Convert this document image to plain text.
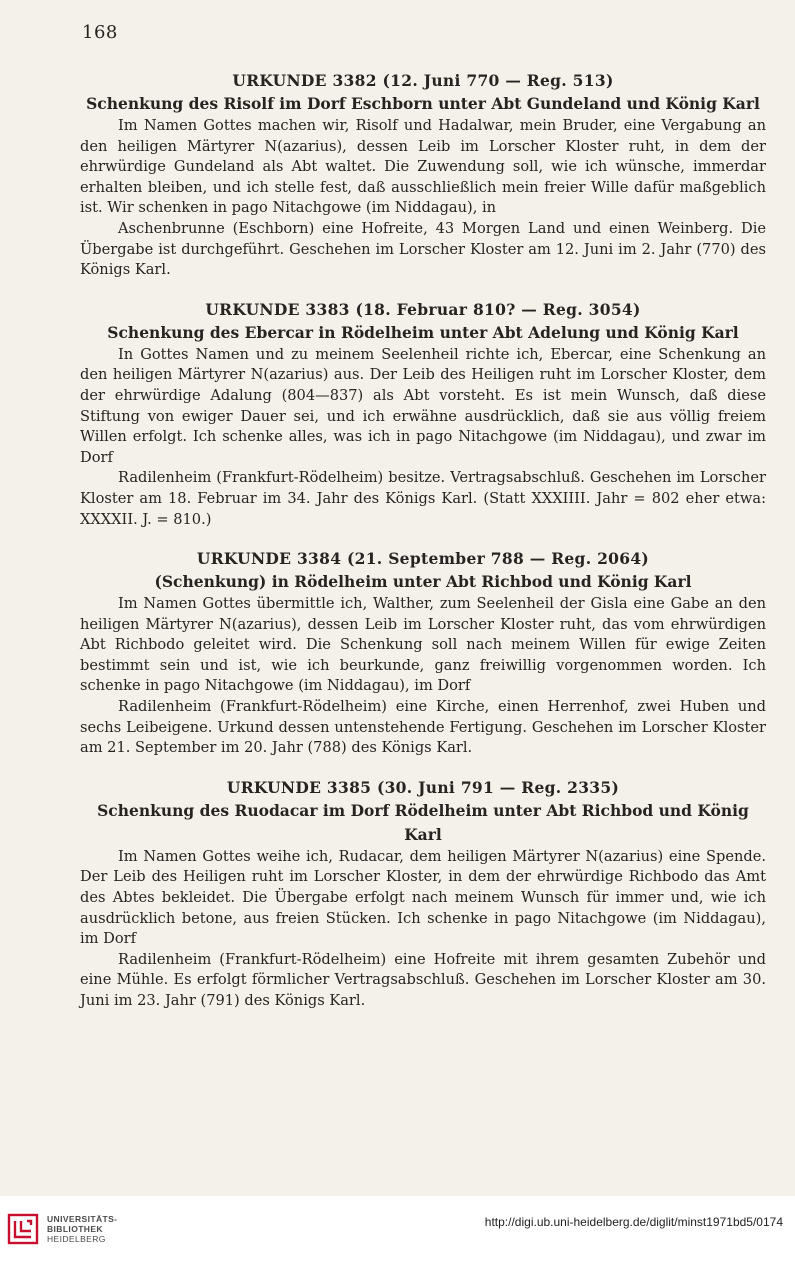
168
URKUNDE 3382 (12. Juni 770 — Reg. 513)
Schenkung des Risolf im Dorf Eschborn unter Abt Gundeland und König Karl

Im Namen Gottes machen wir, Risolf und Hadalwar, mein Bruder, eine Vergabung an den heiligen Märtyrer N(azarius), dessen Leib im Lorscher Kloster ruht, in dem der ehrwürdige Gundeland als Abt waltet. Die Zuwendung soll, wie ich wünsche, immerdar erhalten bleiben, und ich stelle fest, daß ausschließlich mein freier Wille dafür maßgeblich ist. Wir schenken in pago Nitachgowe (im Niddagau), in

Aschenbrunne (Eschborn) eine Hofreite, 43 Morgen Land und einen Weinberg. Die Übergabe ist durchgeführt. Geschehen im Lorscher Kloster am 12. Juni im 2. Jahr (770) des Königs Karl.

URKUNDE 3383 (18. Februar 810? — Reg. 3054)
Schenkung des Ebercar in Rödelheim unter Abt Adelung und König Karl

In Gottes Namen und zu meinem Seelenheil richte ich, Ebercar, eine Schenkung an den heiligen Märtyrer N(azarius) aus. Der Leib des Heiligen ruht im Lorscher Kloster, dem der ehrwürdige Adalung (804—837) als Abt vorsteht. Es ist mein Wunsch, daß diese Stiftung von ewiger Dauer sei, und ich erwähne ausdrücklich, daß sie aus völlig freiem Willen erfolgt. Ich schenke alles, was ich in pago Nitachgowe (im Niddagau), und zwar im Dorf

Radilenheim (Frankfurt-Rödelheim) besitze. Vertragsabschluß. Geschehen im Lorscher Kloster am 18. Februar im 34. Jahr des Königs Karl. (Statt XXXIIII. Jahr = 802 eher etwa: XXXXII. J. = 810.)

URKUNDE 3384 (21. September 788 — Reg. 2064)
(Schenkung) in Rödelheim unter Abt Richbod und König Karl

Im Namen Gottes übermittle ich, Walther, zum Seelenheil der Gisla eine Gabe an den heiligen Märtyrer N(azarius), dessen Leib im Lorscher Kloster ruht, das vom ehrwürdigen Abt Richbodo geleitet wird. Die Schenkung soll nach meinem Willen für ewige Zeiten bestimmt sein und ist, wie ich beurkunde, ganz freiwillig vorgenommen worden. Ich schenke in pago Nitachgowe (im Niddagau), im Dorf

Radilenheim (Frankfurt-Rödelheim) eine Kirche, einen Herrenhof, zwei Huben und sechs Leibeigene. Urkund dessen untenstehende Fertigung. Geschehen im Lorscher Kloster am 21. September im 20. Jahr (788) des Königs Karl.

URKUNDE 3385 (30. Juni 791 — Reg. 2335)
Schenkung des Ruodacar im Dorf Rödelheim unter Abt Richbod und König Karl

Im Namen Gottes weihe ich, Rudacar, dem heiligen Märtyrer N(azarius) eine Spende. Der Leib des Heiligen ruht im Lorscher Kloster, in dem der ehrwürdige Richbodo das Amt des Abtes bekleidet. Die Übergabe erfolgt nach meinem Wunsch für immer und, wie ich ausdrücklich betone, aus freien Stücken. Ich schenke in pago Nitachgowe (im Niddagau), im Dorf

Radilenheim (Frankfurt-Rödelheim) eine Hofreite mit ihrem gesamten Zubehör und eine Mühle. Es erfolgt förmlicher Vertragsabschluß. Geschehen im Lorscher Kloster am 30. Juni im 23. Jahr (791) des Königs Karl.

UNIVERSITÄTS-
BIBLIOTHEK
HEIDELBERG
http://digi.ub.uni-heidelberg.de/diglit/minst1971bd5/0174
